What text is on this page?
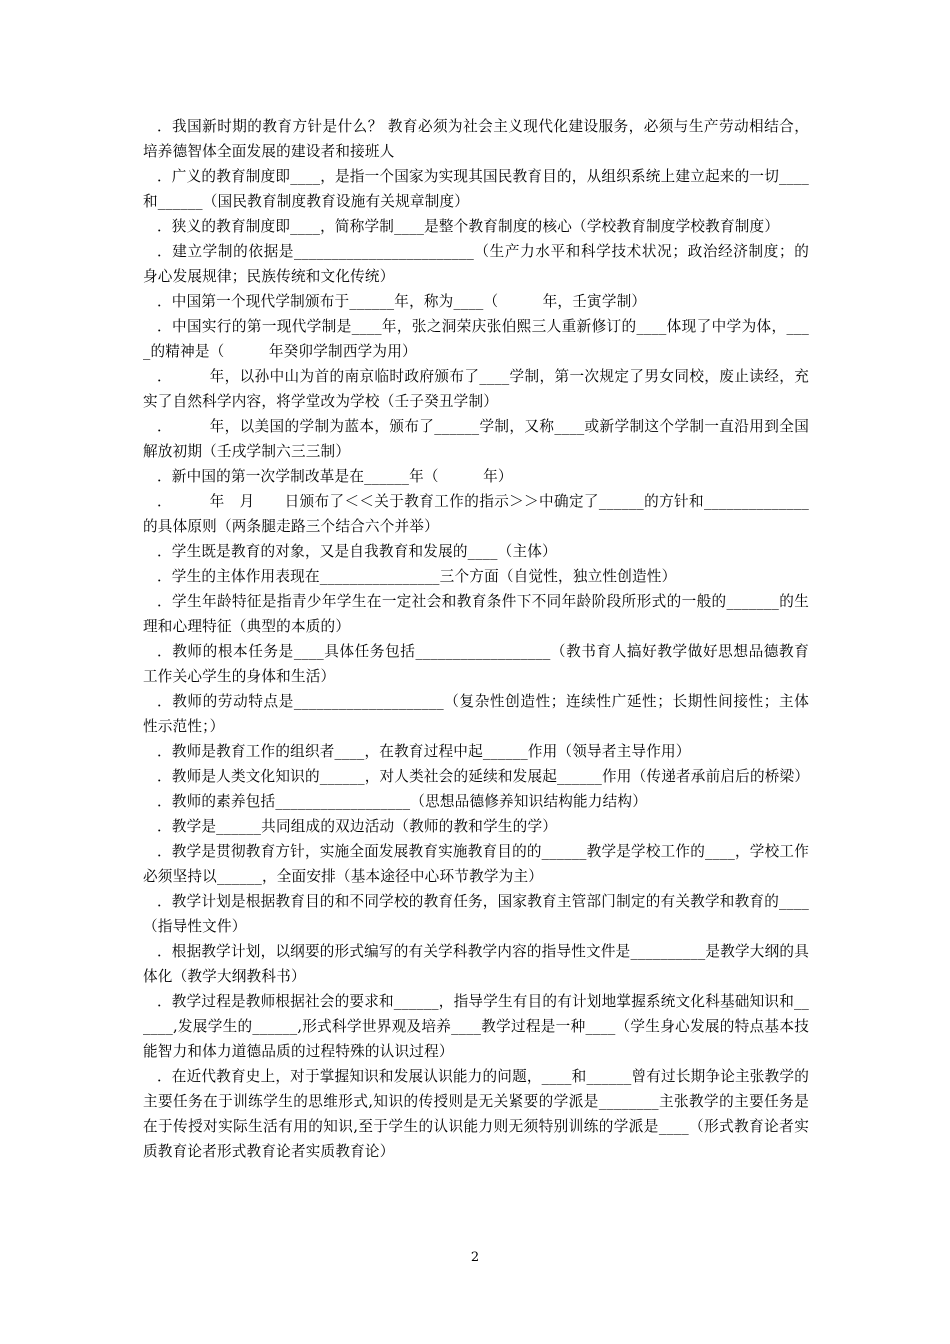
．我国新时期的教育方针是什么？ 教育必须为社会主义现代化建设服务，必须与生产劳动相结合，培养德智体全面发展的建设者和接班人

．广义的教育制度即____，是指一个国家为实现其国民教育目的，从组织系统上建立起来的一切____和______（国民教育制度教育设施有关规章制度）

．狭义的教育制度即____，简称学制____是整个教育制度的核心（学校教育制度学校教育制度）

．建立学制的依据是________________________（生产力水平和科学技术状况；政治经济制度；的身心发展规律；民族传统和文化传统）

．中国第一个现代学制颁布于______年，称为____（　　　年，壬寅学制）

．中国实行的第一现代学制是____年，张之洞荣庆张伯熙三人重新修订的____体现了中学为体，____的精神是（　　　年癸卯学制西学为用）

．　　　年，以孙中山为首的南京临时政府颁布了____学制，第一次规定了男女同校，废止读经，充实了自然科学内容，将学堂改为学校（壬子癸丑学制）

．　　　年，以美国的学制为蓝本，颁布了______学制，又称____或新学制这个学制一直沿用到全国解放初期（壬戌学制六三三制）

．新中国的第一次学制改革是在______年（　　　年）

．　　　年　月　　日颁布了＜＜关于教育工作的指示＞＞中确定了______的方针和______________的具体原则（两条腿走路三个结合六个并举）

．学生既是教育的对象，又是自我教育和发展的____（主体）

．学生的主体作用表现在________________三个方面（自觉性，独立性创造性）

．学生年龄特征是指青少年学生在一定社会和教育条件下不同年龄阶段所形式的一般的_______的生理和心理特征（典型的本质的）

．教师的根本任务是____具体任务包括__________________（教书育人搞好教学做好思想品德教育工作关心学生的身体和生活）

．教师的劳动特点是____________________（复杂性创造性；连续性广延性；长期性间接性；主体性示范性；）

．教师是教育工作的组织者____，在教育过程中起______作用（领导者主导作用）

．教师是人类文化知识的______，对人类社会的延续和发展起______作用（传递者承前启后的桥梁）

．教师的素养包括__________________（思想品德修养知识结构能力结构）

．教学是______共同组成的双边活动（教师的教和学生的学）

．教学是贯彻教育方针，实施全面发展教育实施教育目的的______教学是学校工作的____，学校工作必须坚持以______，全面安排（基本途径中心环节教学为主）

．教学计划是根据教育目的和不同学校的教育任务，国家教育主管部门制定的有关教学和教育的____（指导性文件）

．根据教学计划，以纲要的形式编写的有关学科教学内容的指导性文件是__________是教学大纲的具体化（教学大纲教科书）

．教学过程是教师根据社会的要求和______，指导学生有目的有计划地掌握系统文化科基础知识和______,发展学生的______,形式科学世界观及培养____教学过程是一种____（学生身心发展的特点基本技能智力和体力道德品质的过程特殊的认识过程）

．在近代教育史上，对于掌握知识和发展认识能力的问题，____和______曾有过长期争论主张教学的主要任务在于训练学生的思维形式,知识的传授则是无关紧要的学派是________主张教学的主要任务是在于传授对实际生活有用的知识,至于学生的认识能力则无须特别训练的学派是____（形式教育论者实质教育论者形式教育论者实质教育论）

2
